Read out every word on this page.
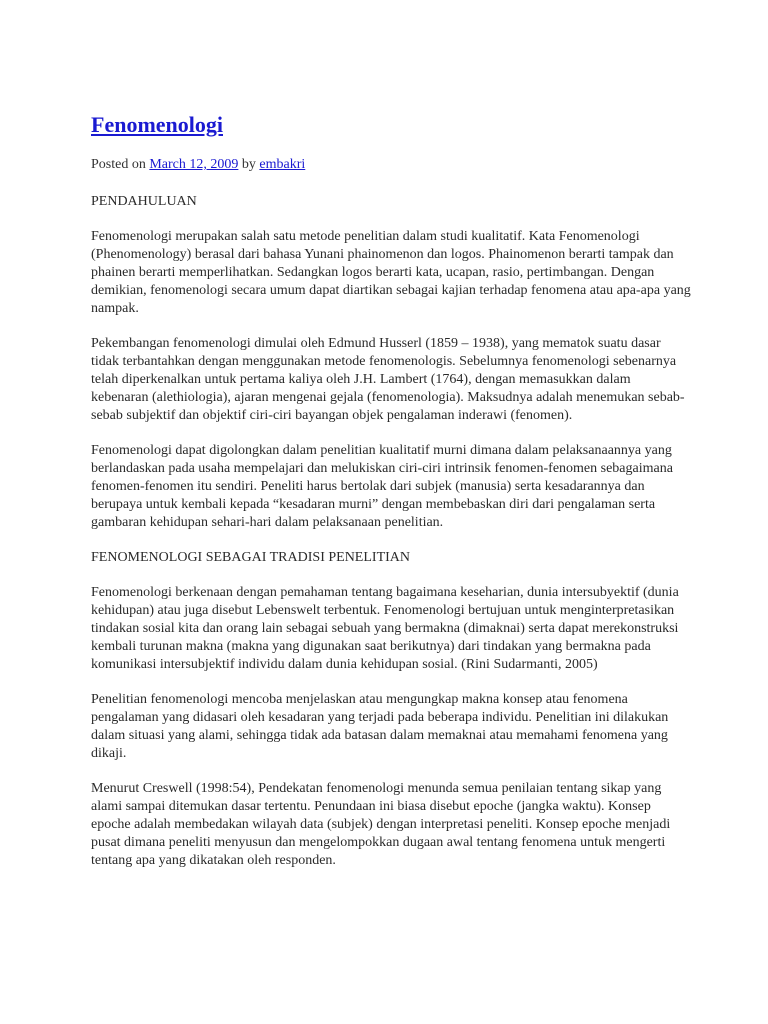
Fenomenologi
Posted on March 12, 2009 by embakri

PENDAHULUAN

Fenomenologi merupakan salah satu metode penelitian dalam studi kualitatif. Kata Fenomenologi (Phenomenology) berasal dari bahasa Yunani phainomenon dan logos. Phainomenon berarti tampak dan phainen berarti memperlihatkan. Sedangkan logos berarti kata, ucapan, rasio, pertimbangan. Dengan demikian, fenomenologi secara umum dapat diartikan sebagai kajian terhadap fenomena atau apa-apa yang nampak.

Pekembangan fenomenologi dimulai oleh Edmund Husserl (1859 – 1938), yang mematok suatu dasar tidak terbantahkan dengan menggunakan metode fenomenologis. Sebelumnya fenomenologi sebenarnya telah diperkenalkan untuk pertama kaliya oleh J.H. Lambert (1764), dengan memasukkan dalam kebenaran (alethiologia), ajaran mengenai gejala (fenomenologia). Maksudnya adalah menemukan sebab-sebab subjektif dan objektif ciri-ciri bayangan objek pengalaman inderawi (fenomen).

Fenomenologi dapat digolongkan dalam penelitian kualitatif murni dimana dalam pelaksanaannya yang berlandaskan pada usaha mempelajari dan melukiskan ciri-ciri intrinsik fenomen-fenomen sebagaimana fenomen-fenomen itu sendiri. Peneliti harus bertolak dari subjek (manusia) serta kesadarannya dan berupaya untuk kembali kepada “kesadaran murni” dengan membebaskan diri dari pengalaman serta gambaran kehidupan sehari-hari dalam pelaksanaan penelitian.

FENOMENOLOGI SEBAGAI TRADISI PENELITIAN

Fenomenologi berkenaan dengan pemahaman tentang bagaimana keseharian, dunia intersubyektif (dunia kehidupan) atau juga disebut Lebenswelt terbentuk. Fenomenologi bertujuan untuk menginterpretasikan tindakan sosial kita dan orang lain sebagai sebuah yang bermakna (dimaknai) serta dapat merekonstruksi kembali turunan makna (makna yang digunakan saat berikutnya) dari tindakan yang bermakna pada komunikasi intersubjektif individu dalam dunia kehidupan sosial. (Rini Sudarmanti, 2005)

Penelitian fenomenologi mencoba menjelaskan atau mengungkap makna konsep atau fenomena pengalaman yang didasari oleh kesadaran yang terjadi pada beberapa individu. Penelitian ini dilakukan dalam situasi yang alami, sehingga tidak ada batasan dalam memaknai atau memahami fenomena yang dikaji.

Menurut Creswell (1998:54), Pendekatan fenomenologi menunda semua penilaian tentang sikap yang alami sampai ditemukan dasar tertentu. Penundaan ini biasa disebut epoche (jangka waktu). Konsep epoche adalah membedakan wilayah data (subjek) dengan interpretasi peneliti. Konsep epoche menjadi pusat dimana peneliti menyusun dan mengelompokkan dugaan awal tentang fenomena untuk mengerti tentang apa yang dikatakan oleh responden.
